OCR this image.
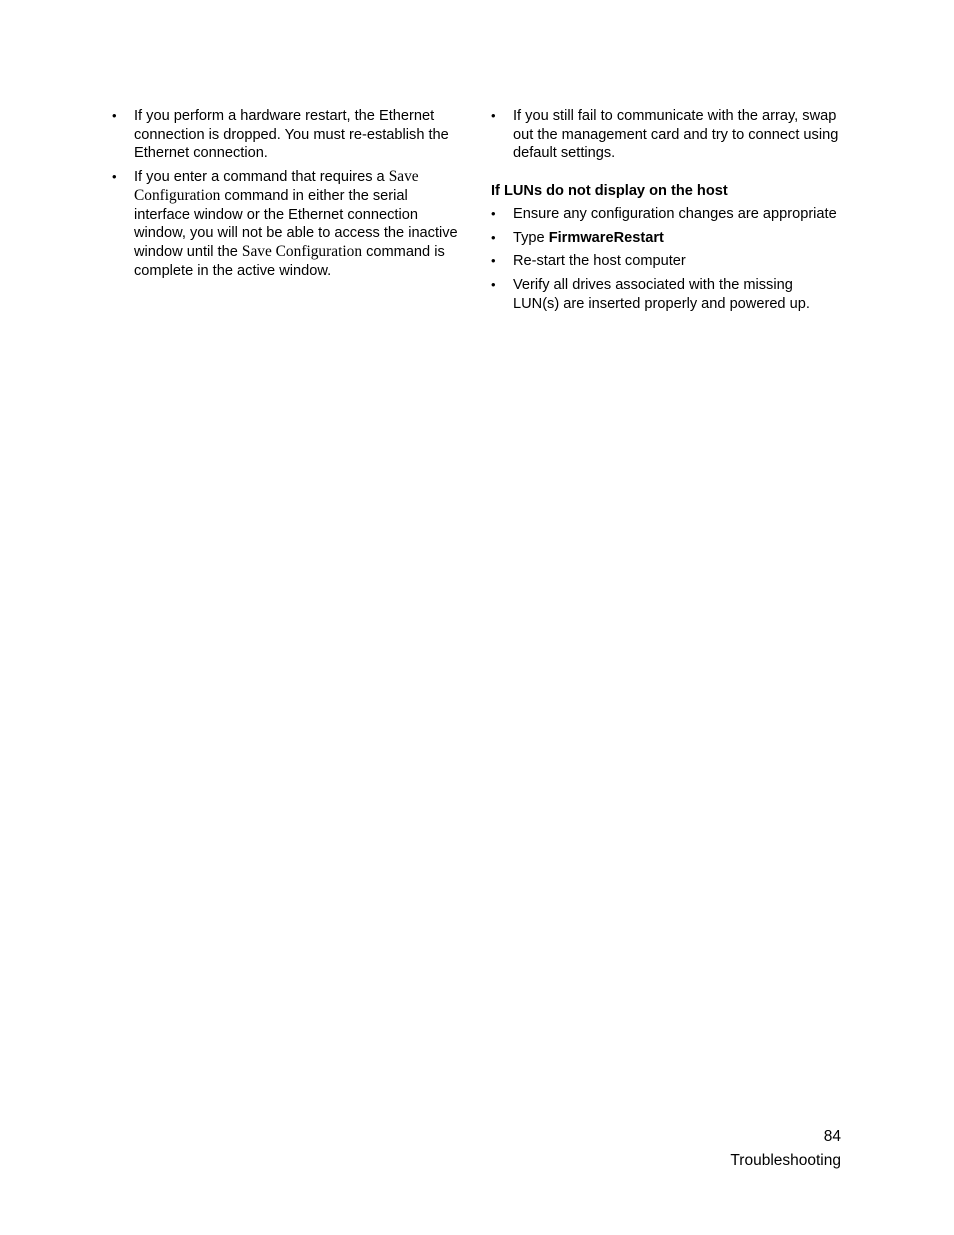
• If you perform a hardware restart, the Ethernet connection is dropped. You must re-establish the Ethernet connection.
• If you enter a command that requires a Save Configuration command in either the serial interface window or the Ethernet connection window, you will not be able to access the inactive window until the Save Configuration command is complete in the active window.
• If you still fail to communicate with the array, swap out the management card and try to connect using default settings.
If LUNs do not display on the host
• Ensure any configuration changes are appropriate
• Type FirmwareRestart
• Re-start the host computer
• Verify all drives associated with the missing LUN(s) are inserted properly and powered up.
84
Troubleshooting
